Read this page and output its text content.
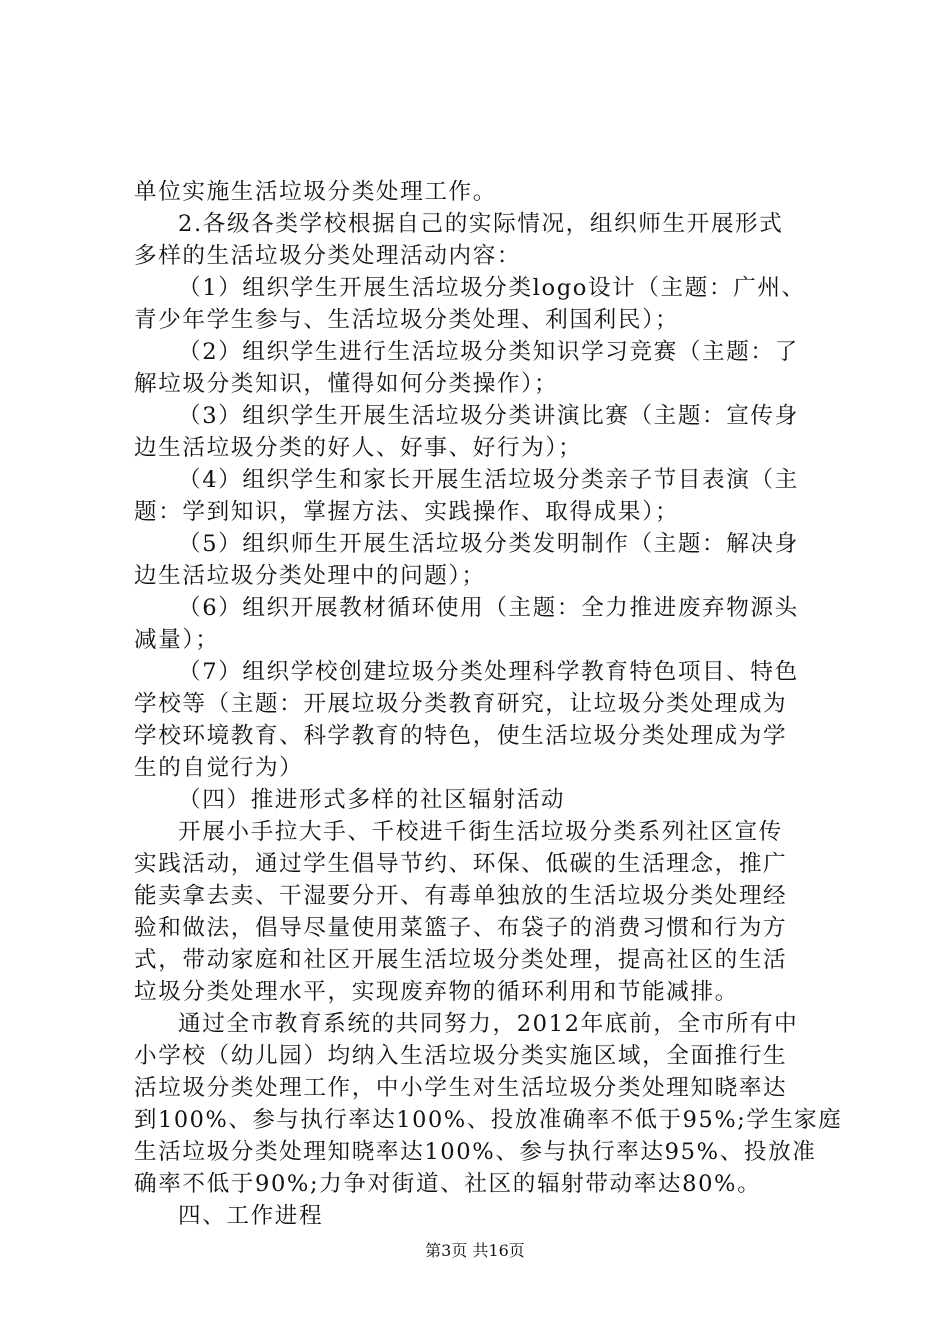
单位实施生活垃圾分类处理工作。
2.各级各类学校根据自己的实际情况，组织师生开展形式
多样的生活垃圾分类处理活动内容：
（1）组织学生开展生活垃圾分类logo设计（主题：广州、
青少年学生参与、生活垃圾分类处理、利国利民）；
（2）组织学生进行生活垃圾分类知识学习竞赛（主题：了
解垃圾分类知识，懂得如何分类操作）；
（3）组织学生开展生活垃圾分类讲演比赛（主题：宣传身
边生活垃圾分类的好人、好事、好行为）；
（4）组织学生和家长开展生活垃圾分类亲子节目表演（主
题：学到知识，掌握方法、实践操作、取得成果）；
（5）组织师生开展生活垃圾分类发明制作（主题：解决身
边生活垃圾分类处理中的问题）；
（6）组织开展教材循环使用（主题：全力推进废弃物源头
减量）；
（7）组织学校创建垃圾分类处理科学教育特色项目、特色
学校等（主题：开展垃圾分类教育研究，让垃圾分类处理成为
学校环境教育、科学教育的特色，使生活垃圾分类处理成为学
生的自觉行为）
（四）推进形式多样的社区辐射活动
开展小手拉大手、千校进千街生活垃圾分类系列社区宣传
实践活动，通过学生倡导节约、环保、低碳的生活理念，推广
能卖拿去卖、干湿要分开、有毒单独放的生活垃圾分类处理经
验和做法，倡导尽量使用菜篮子、布袋子的消费习惯和行为方
式，带动家庭和社区开展生活垃圾分类处理，提高社区的生活
垃圾分类处理水平，实现废弃物的循环利用和节能减排。
通过全市教育系统的共同努力，2012年底前，全市所有中
小学校（幼儿园）均纳入生活垃圾分类实施区域，全面推行生
活垃圾分类处理工作，中小学生对生活垃圾分类处理知晓率达
到100%、参与执行率达100%、投放准确率不低于95%;学生家庭
生活垃圾分类处理知晓率达100%、参与执行率达95%、投放准
确率不低于90%;力争对街道、社区的辐射带动率达80%。
四、工作进程
第3页 共16页
